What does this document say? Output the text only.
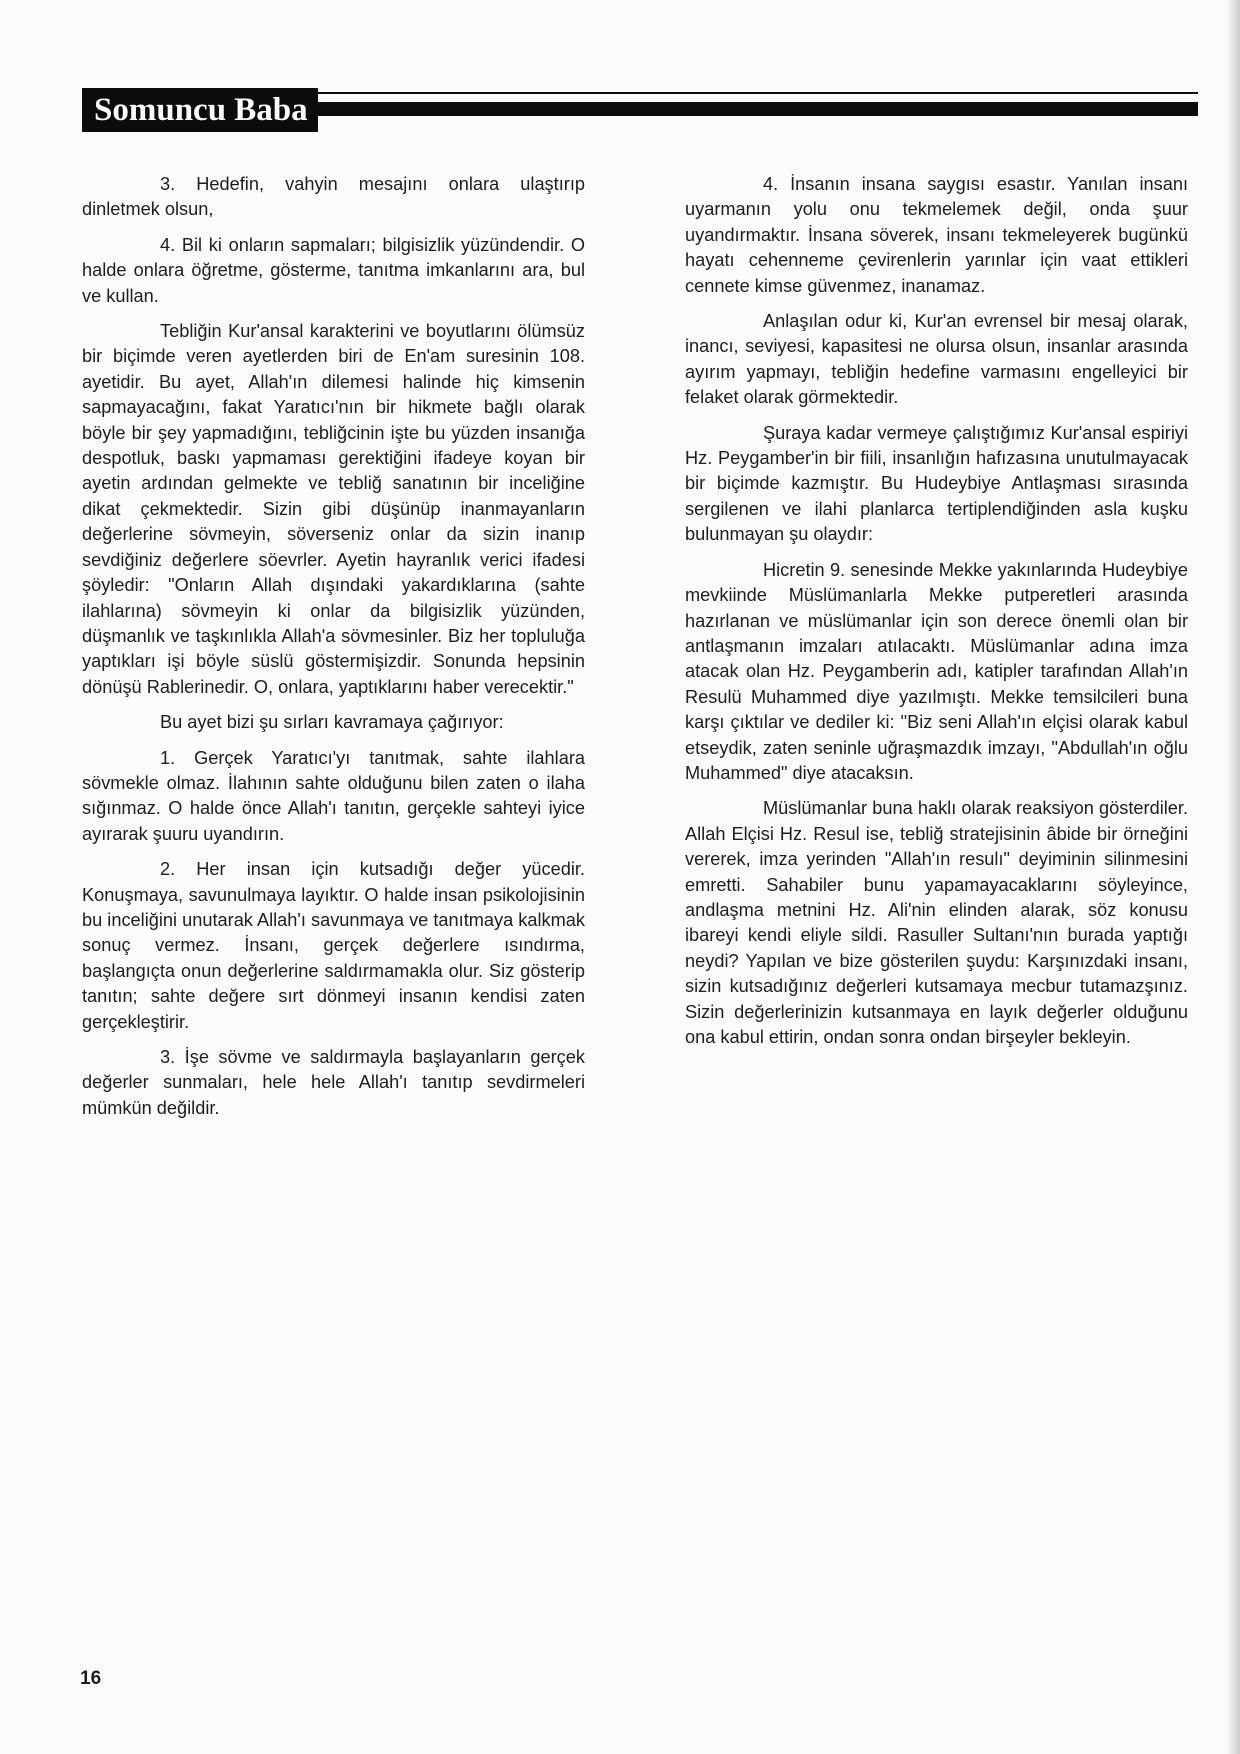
Somuncu Baba

3. Hedefin, vahyin mesajını onlara ulaştırıp dinletmek olsun,

4. Bil ki onların sapmaları; bilgisizlik yüzündendir. O halde onlara öğretme, gösterme, tanıtma imkanlarını ara, bul ve kullan.

Tebliğin Kur'ansal karakterini ve boyutlarını ölümsüz bir biçimde veren ayetlerden biri de En'am suresinin 108. ayetidir. Bu ayet, Allah'ın dilemesi halinde hiç kimsenin sapmayacağını, fakat Yaratıcı'nın bir hikmete bağlı olarak böyle bir şey yapmadığını, tebliğcinin işte bu yüzden insanığa despotluk, baskı yapmaması gerektiğini ifadeye koyan bir ayetin ardından gelmekte ve tebliğ sanatının bir inceliğine dikat çekmektedir. Sizin gibi düşünüp inanmayanların değerlerine sövmeyin, söverseniz onlar da sizin inanıp sevdiğiniz değerlere söevrler. Ayetin hayranlık verici ifadesi şöyledir: "Onların Allah dışındaki yakardıklarına (sahte ilahlarına) sövmeyin ki onlar da bilgisizlik yüzünden, düşmanlık ve taşkınlıkla Allah'a sövmesinler. Biz her topluluğa yaptıkları işi böyle süslü göstermişizdir. Sonunda hepsinin dönüşü Rablerinedir. O, onlara, yaptıklarını haber verecektir."

Bu ayet bizi şu sırları kavramaya çağırıyor:

1. Gerçek Yaratıcı'yı tanıtmak, sahte ilahlara sövmekle olmaz. İlahının sahte olduğunu bilen zaten o ilaha sığınmaz. O halde önce Allah'ı tanıtın, gerçekle sahteyi iyice ayırarak şuuru uyandırın.

2. Her insan için kutsadığı değer yücedir. Konuşmaya, savunulmaya layıktır. O halde insan psikolojisinin bu inceliğini unutarak Allah'ı savunmaya ve tanıtmaya kalkmak sonuç vermez. İnsanı, gerçek değerlere ısındırma, başlangıçta onun değerlerine saldırmamakla olur. Siz gösterip tanıtın; sahte değere sırt dönmeyi insanın kendisi zaten gerçekleştirir.

3. İşe sövme ve saldırmayla başlayanların gerçek değerler sunmaları, hele hele Allah'ı tanıtıp sevdirmeleri mümkün değildir.

4. İnsanın insana saygısı esastır. Yanılan insanı uyarmanın yolu onu tekmelemek değil, onda şuur uyandırmaktır. İnsana söverek, insanı tekmeleyerek bugünkü hayatı cehenneme çevirenlerin yarınlar için vaat ettikleri cennete kimse güvenmez, inanamaz.

Anlaşılan odur ki, Kur'an evrensel bir mesaj olarak, inancı, seviyesi, kapasitesi ne olursa olsun, insanlar arasında ayırım yapmayı, tebliğin hedefine varmasını engelleyici bir felaket olarak görmektedir.

Şuraya kadar vermeye çalıştığımız Kur'ansal espiriyi Hz. Peygamber'in bir fiili, insanlığın hafızasına unutulmayacak bir biçimde kazmıştır. Bu Hudeybiye Antlaşması sırasında sergilenen ve ilahi planlarca tertiplendiğinden asla kuşku bulunmayan şu olaydır:

Hicretin 9. senesinde Mekke yakınlarında Hudeybiye mevkiinde Müslümanlarla Mekke putperetleri arasında hazırlanan ve müslümanlar için son derece önemli olan bir antlaşmanın imzaları atılacaktı. Müslümanlar adına imza atacak olan Hz. Peygamberin adı, katipler tarafından Allah'ın Resulü Muhammed diye yazılmıştı. Mekke temsilcileri buna karşı çıktılar ve dediler ki: "Biz seni Allah'ın elçisi olarak kabul etseydik, zaten seninle uğraşmazdık imzayı, "Abdullah'ın oğlu Muhammed" diye atacaksın.

Müslümanlar buna haklı olarak reaksiyon gösterdiler. Allah Elçisi Hz. Resul ise, tebliğ stratejisinin âbide bir örneğini vererek, imza yerinden "Allah'ın resulı" deyiminin silinmesini emretti. Sahabiler bunu yapamayacaklarını söyleyince, andlaşma metnini Hz. Ali'nin elinden alarak, söz konusu ibareyi kendi eliyle sildi. Rasuller Sultanı'nın burada yaptığı neydi? Yapılan ve bize gösterilen şuydu: Karşınızdaki insanı, sizin kutsadığınız değerleri kutsamaya mecbur tutamazşınız. Sizin değerlerinizin kutsanmaya en layık değerler olduğunu ona kabul ettirin, ondan sonra ondan birşeyler bekleyin.

16
